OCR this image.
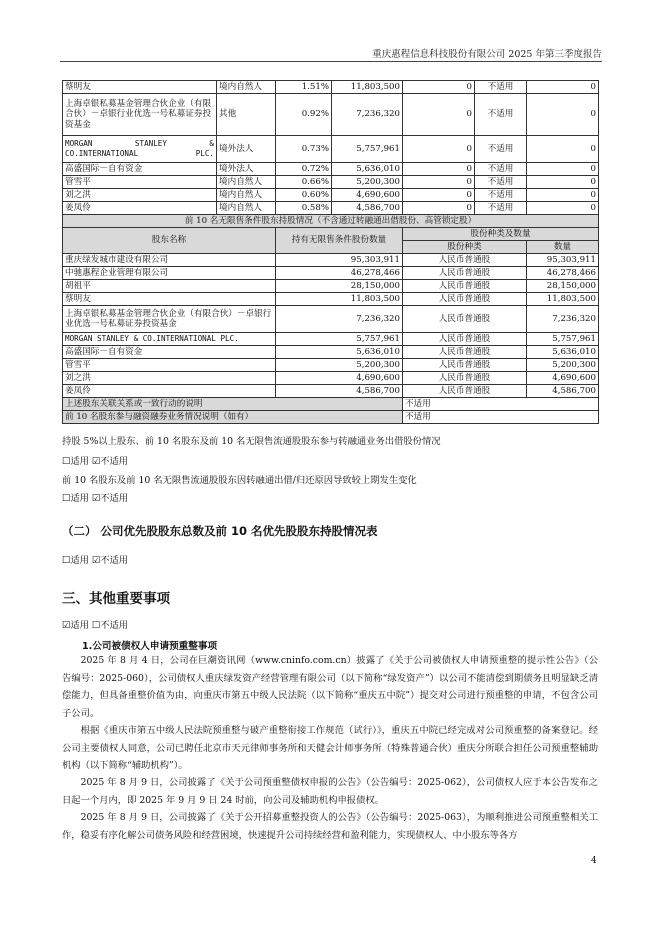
重庆惠程信息科技股份有限公司 2025 年第三季度报告
蔡明友	境内自然人	1.51%	11,803,500	0	不适用	0
上海卓银私募基金管理合伙企业（有限合伙）－卓银行业优选一号私募证券投资基金	其他	0.92%	7,236,320	0	不适用	0
MORGAN STANLEY & CO.INTERNATIONAL PLC.	境外法人	0.73%	5,757,961	0	不适用	0
高盛国际－自有资金	境外法人	0.72%	5,636,010	0	不适用	0
管雪平	境内自然人	0.66%	5,200,300	0	不适用	0
刘之洪	境内自然人	0.60%	4,690,600	0	不适用	0
姜凤伶	境内自然人	0.58%	4,586,700	0	不适用	0
前 10 名无限售条件股东持股情况（不含通过转融通出借股份、高管锁定股）						
股东名称		持有无限售条件股份数量		股份种类及数量		
				股份种类		数量
重庆绿发城市建设有限公司		95,303,911		人民币普通股		95,303,911
中驰惠程企业管理有限公司		46,278,466		人民币普通股		46,278,466
胡祖平		28,150,000		人民币普通股		28,150,000
蔡明友		11,803,500		人民币普通股		11,803,500
上海卓银私募基金管理合伙企业（有限合伙）－卓银行业优选一号私募证券投资基金		7,236,320		人民币普通股		7,236,320
MORGAN STANLEY & CO.INTERNATIONAL PLC.		5,757,961		人民币普通股		5,757,961
高盛国际－自有资金		5,636,010		人民币普通股		5,636,010
管雪平		5,200,300		人民币普通股		5,200,300
刘之洪		4,690,600		人民币普通股		4,690,600
姜凤伶		4,586,700		人民币普通股		4,586,700
上述股东关联关系或一致行动的说明				不适用		
前 10 名股东参与融资融券业务情况说明（如有）				不适用		
持股 5%以上股东、前 10 名股东及前 10 名无限售流通股股东参与转融通业务出借股份情况
☐适用 ☑不适用
前 10 名股东及前 10 名无限售流通股股东因转融通出借/归还原因导致较上期发生变化
☐适用 ☑不适用
（二） 公司优先股股东总数及前 10 名优先股股东持股情况表
☐适用 ☑不适用
三、其他重要事项
☑适用 ☐不适用
1.公司被债权人申请预重整事项
2025 年 8 月 4 日，公司在巨潮资讯网（www.cninfo.com.cn）披露了《关于公司被债权人申请预重整的提示性公告》（公告编号：2025-060），公司债权人重庆绿发资产经营管理有限公司（以下简称“绿发资产”）以公司不能清偿到期债务且明显缺乏清偿能力，但具备重整价值为由，向重庆市第五中级人民法院（以下简称“重庆五中院”）提交对公司进行预重整的申请，不包含公司子公司。
根据《重庆市第五中级人民法院预重整与破产重整衔接工作规范（试行）》，重庆五中院已经完成对公司预重整的备案登记。经公司主要债权人同意，公司已聘任北京市天元律师事务所和天健会计师事务所（特殊普通合伙）重庆分所联合担任公司预重整辅助机构（以下简称“辅助机构”）。
2025 年 8 月 9 日，公司披露了《关于公司预重整债权申报的公告》（公告编号：2025-062），公司债权人应于本公告发布之日起一个月内，即 2025 年 9 月 9 日 24 时前，向公司及辅助机构申报债权。
2025 年 8 月 9 日，公司披露了《关于公开招募重整投资人的公告》（公告编号：2025-063），为顺利推进公司预重整相关工作，稳妥有序化解公司债务风险和经营困境，快速提升公司持续经营和盈利能力，实现债权人、中小股东等各方
4
